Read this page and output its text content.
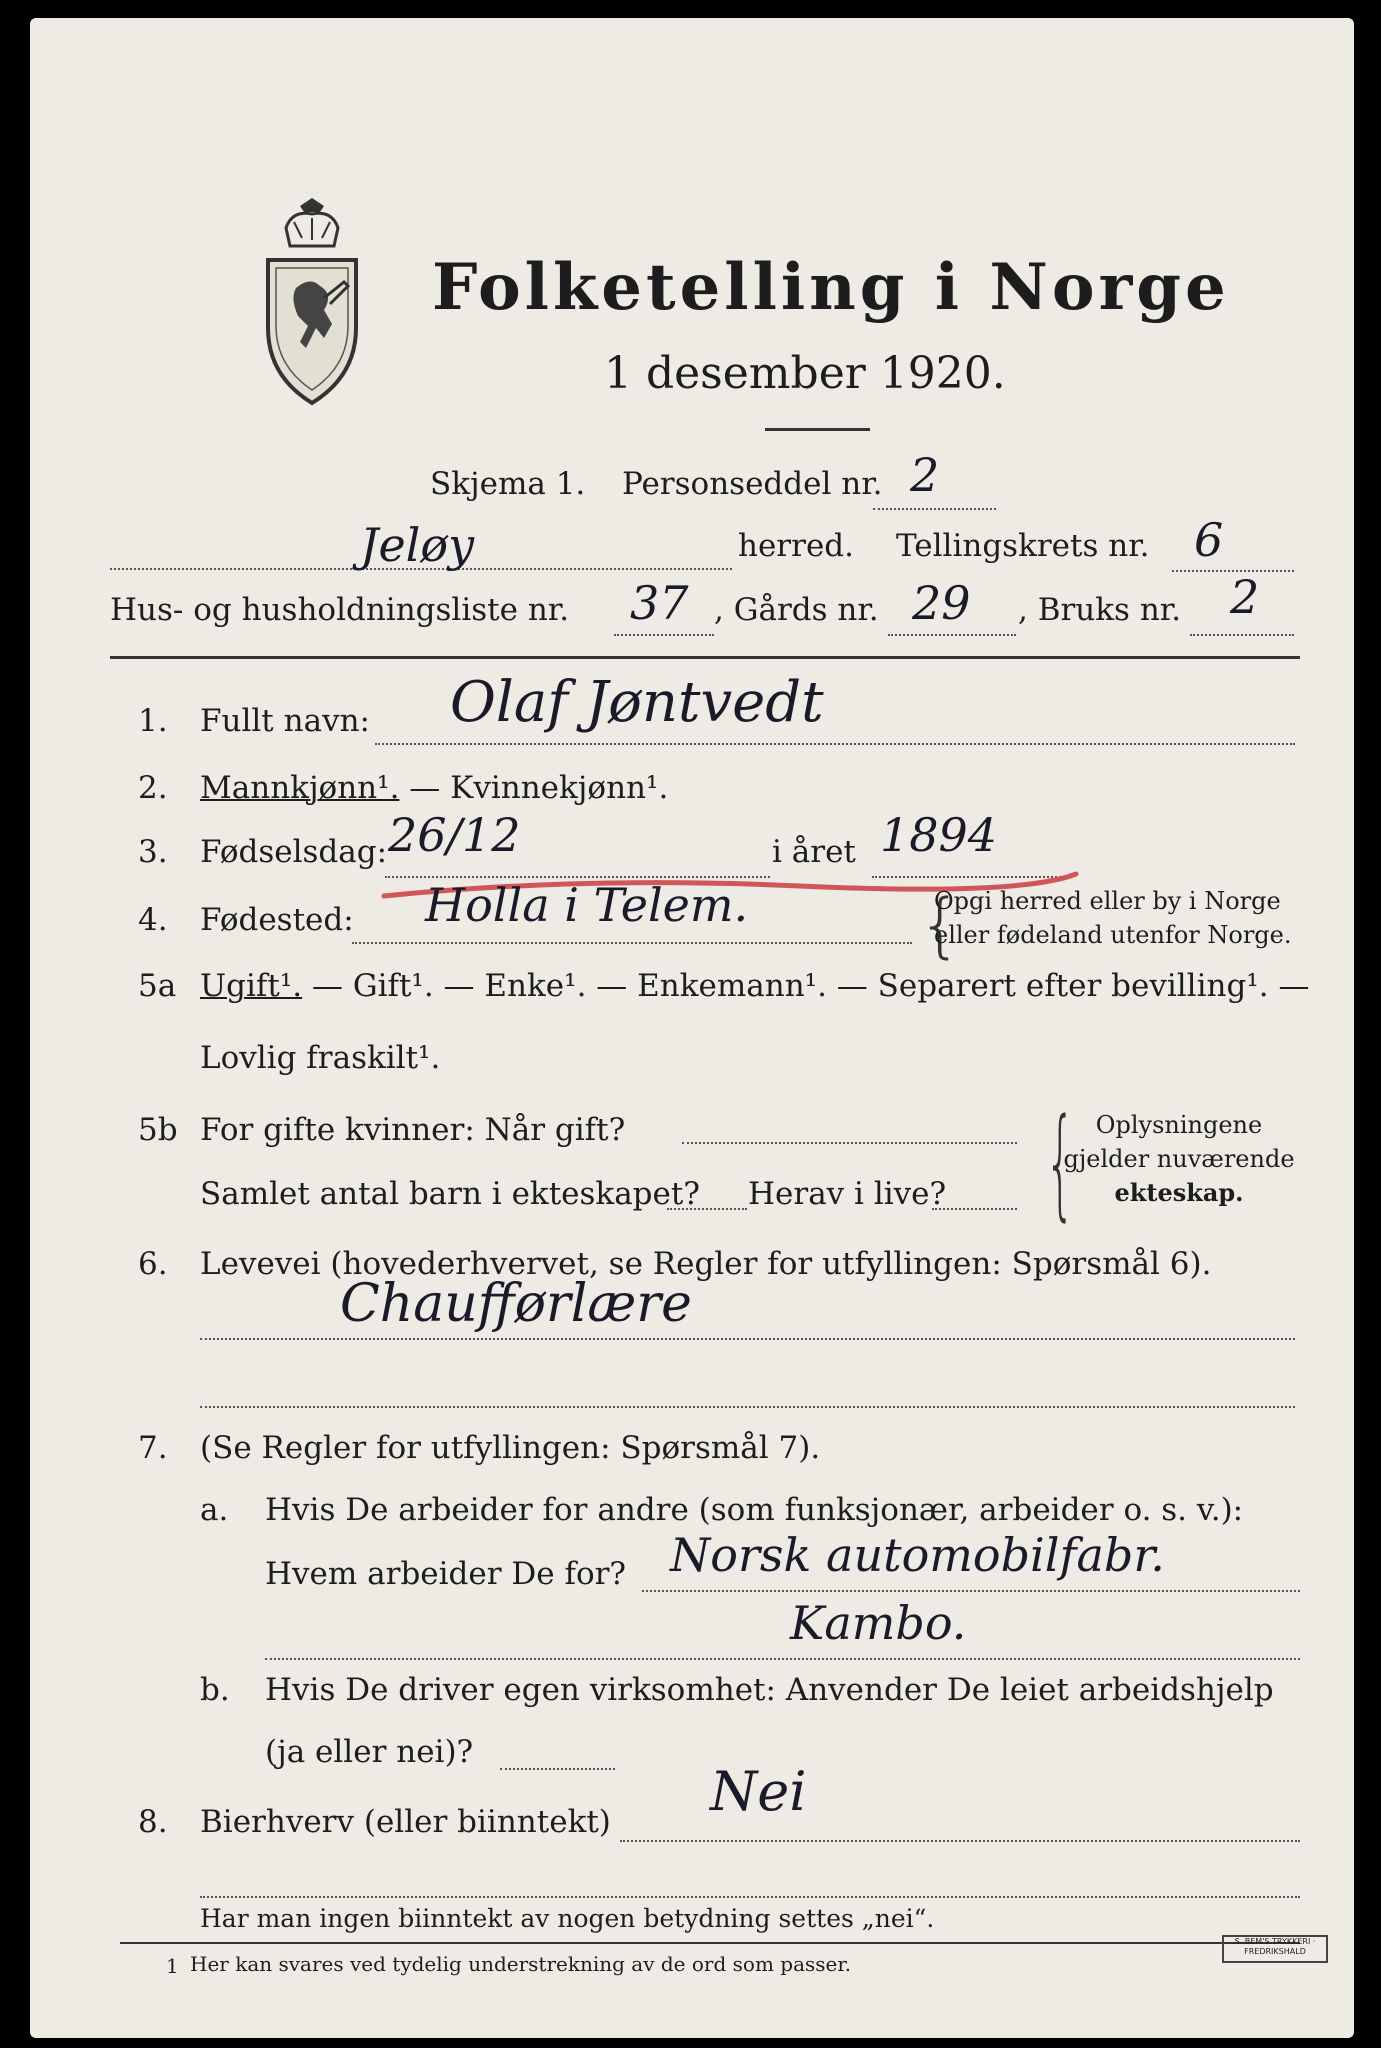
Folketelling i Norge
1 desember 1920.
Skjema 1. Personseddel nr. 2
Jeløy	herred. Tellingskrets nr. 6
Hus- og husholdningsliste nr. 37 , Gårds nr. 29 , Bruks nr. 2
1. Fullt navn: Olaf Jøntvedt
2. Mannkjønn¹. — Kvinnekjønn¹.
3. Fødselsdag: 26/12	i året 1894
4. Fødested: Holla i Telem. {
Opgi herred eller by i Norge
eller fødeland utenfor Norge.
5a Ugift¹. — Gift¹. — Enke¹. — Enkemann¹. — Separert efter bevilling¹. —
Lovlig fraskilt¹.
5b For gifte kvinner: Når gift?
Samlet antal barn i ekteskapet? Herav i live? { Oplysningene
gjelder nuværende
ekteskap.
6. Levevei (hovederhvervet, se Regler for utfyllingen: Spørsmål 6).
Chaufførlære
7. (Se Regler for utfyllingen: Spørsmål 7).
a. Hvis De arbeider for andre (som funksjonær, arbeider o. s. v.):
Hvem arbeider De for? Norsk automobilfabr.
Kambo.
b. Hvis De driver egen virksomhet: Anvender De leiet arbeidshjelp
(ja eller nei)?
8. Bierhverv (eller biinntekt) Nei
Har man ingen biinntekt av nogen betydning settes „nei“.
1 Her kan svares ved tydelig understrekning av de ord som passer.
S. BEM'S TRYKKERI · FREDRIKSHALD
